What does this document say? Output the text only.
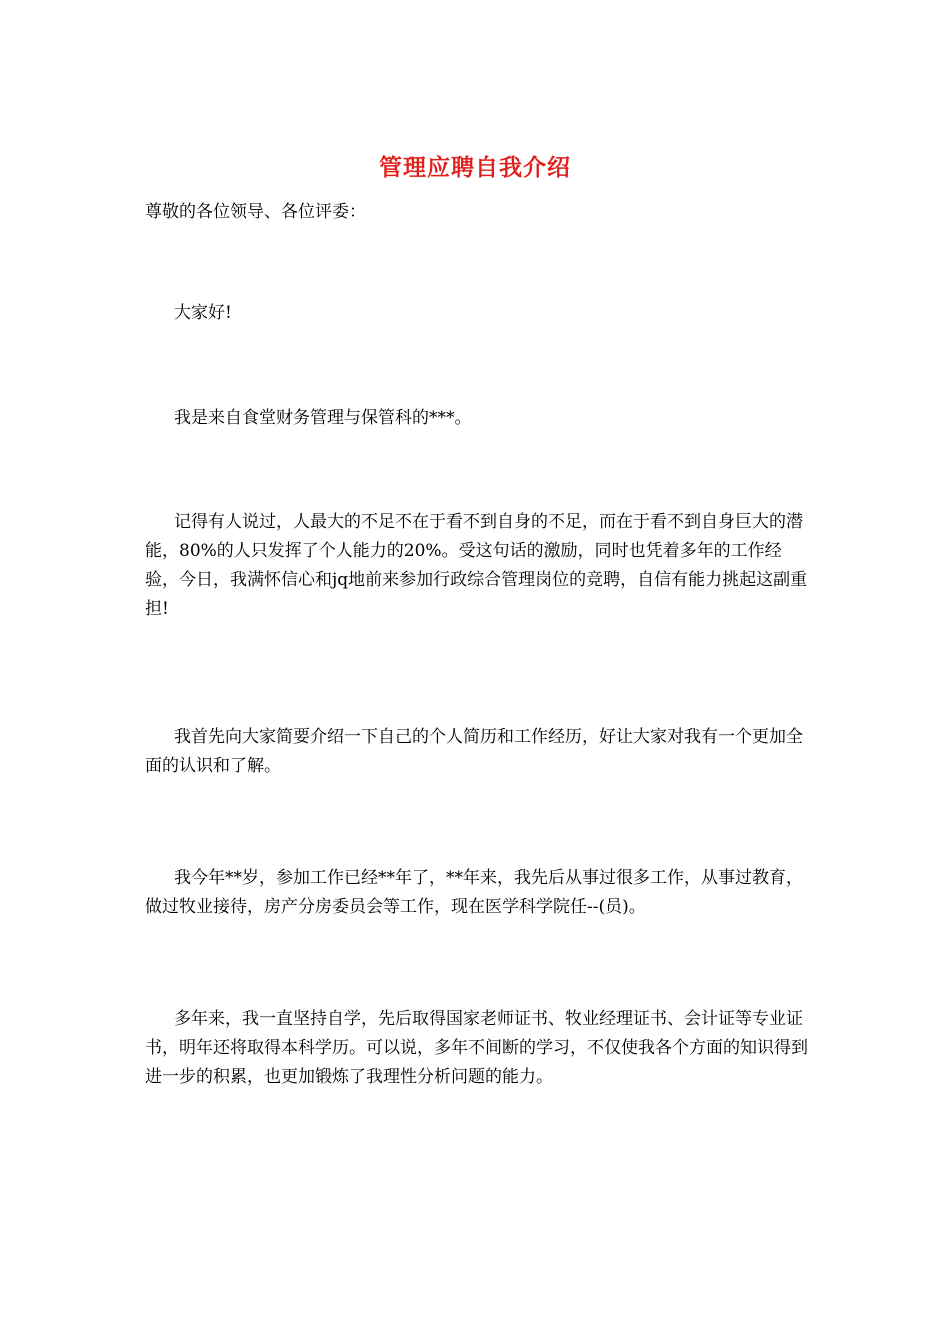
管理应聘自我介绍

尊敬的各位领导、各位评委：

大家好!

我是来自食堂财务管理与保管科的***。

记得有人说过，人最大的不足不在于看不到自身的不足，而在于看不到自身巨大的潜能，80%的人只发挥了个人能力的20%。受这句话的激励，同时也凭着多年的工作经验，今日，我满怀信心和jq地前来参加行政综合管理岗位的竞聘，自信有能力挑起这副重担!

我首先向大家简要介绍一下自己的个人简历和工作经历，好让大家对我有一个更加全面的认识和了解。

我今年**岁，参加工作已经**年了，**年来，我先后从事过很多工作，从事过教育，做过牧业接待，房产分房委员会等工作，现在医学科学院任--(员)。

多年来，我一直坚持自学，先后取得国家老师证书、牧业经理证书、会计证等专业证书，明年还将取得本科学历。可以说，多年不间断的学习，不仅使我各个方面的知识得到进一步的积累，也更加锻炼了我理性分析问题的能力。
